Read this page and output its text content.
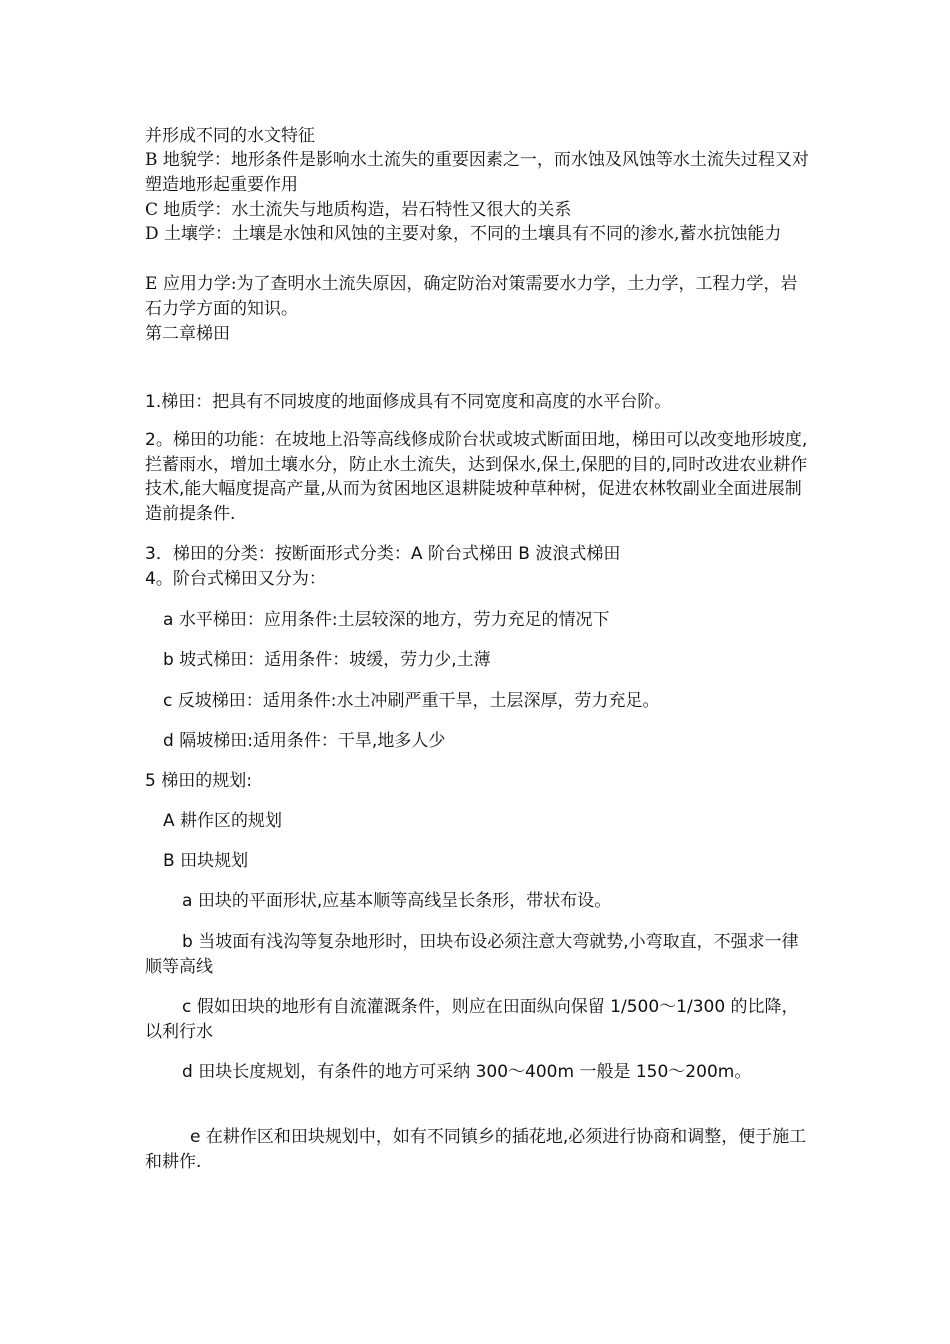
并形成不同的水文特征
B 地貌学：地形条件是影响水土流失的重要因素之一，而水蚀及风蚀等水土流失过程又对塑造地形起重要作用
C 地质学：水土流失与地质构造，岩石特性又很大的关系
D 土壤学：土壤是水蚀和风蚀的主要对象，不同的土壤具有不同的渗水,蓄水抗蚀能力
E 应用力学:为了查明水土流失原因，确定防治对策需要水力学，土力学，工程力学，岩石力学方面的知识。
第二章梯田
1.梯田：把具有不同坡度的地面修成具有不同宽度和高度的水平台阶。
2。梯田的功能：在坡地上沿等高线修成阶台状或坡式断面田地，梯田可以改变地形坡度,拦蓄雨水，增加土壤水分，防止水土流失，达到保水,保土,保肥的目的,同时改进农业耕作技术,能大幅度提高产量,从而为贫困地区退耕陡坡种草种树，促进农林牧副业全面进展制造前提条件.
3．梯田的分类：按断面形式分类：A 阶台式梯田 B 波浪式梯田
4。阶台式梯田又分为：
a 水平梯田：应用条件:土层较深的地方，劳力充足的情况下
b 坡式梯田：适用条件：坡缓，劳力少,土薄
c 反坡梯田：适用条件:水土冲刷严重干旱，土层深厚，劳力充足。
d 隔坡梯田:适用条件：干旱,地多人少
5 梯田的规划:
A 耕作区的规划
B 田块规划
a 田块的平面形状,应基本顺等高线呈长条形，带状布设。
b 当坡面有浅沟等复杂地形时，田块布设必须注意大弯就势,小弯取直，不强求一律顺等高线
c 假如田块的地形有自流灌溉条件，则应在田面纵向保留 1/500～1/300 的比降，以利行水
d 田块长度规划，有条件的地方可采纳 300～400m 一般是 150～200m。
e 在耕作区和田块规划中，如有不同镇乡的插花地,必须进行协商和调整，便于施工和耕作.
